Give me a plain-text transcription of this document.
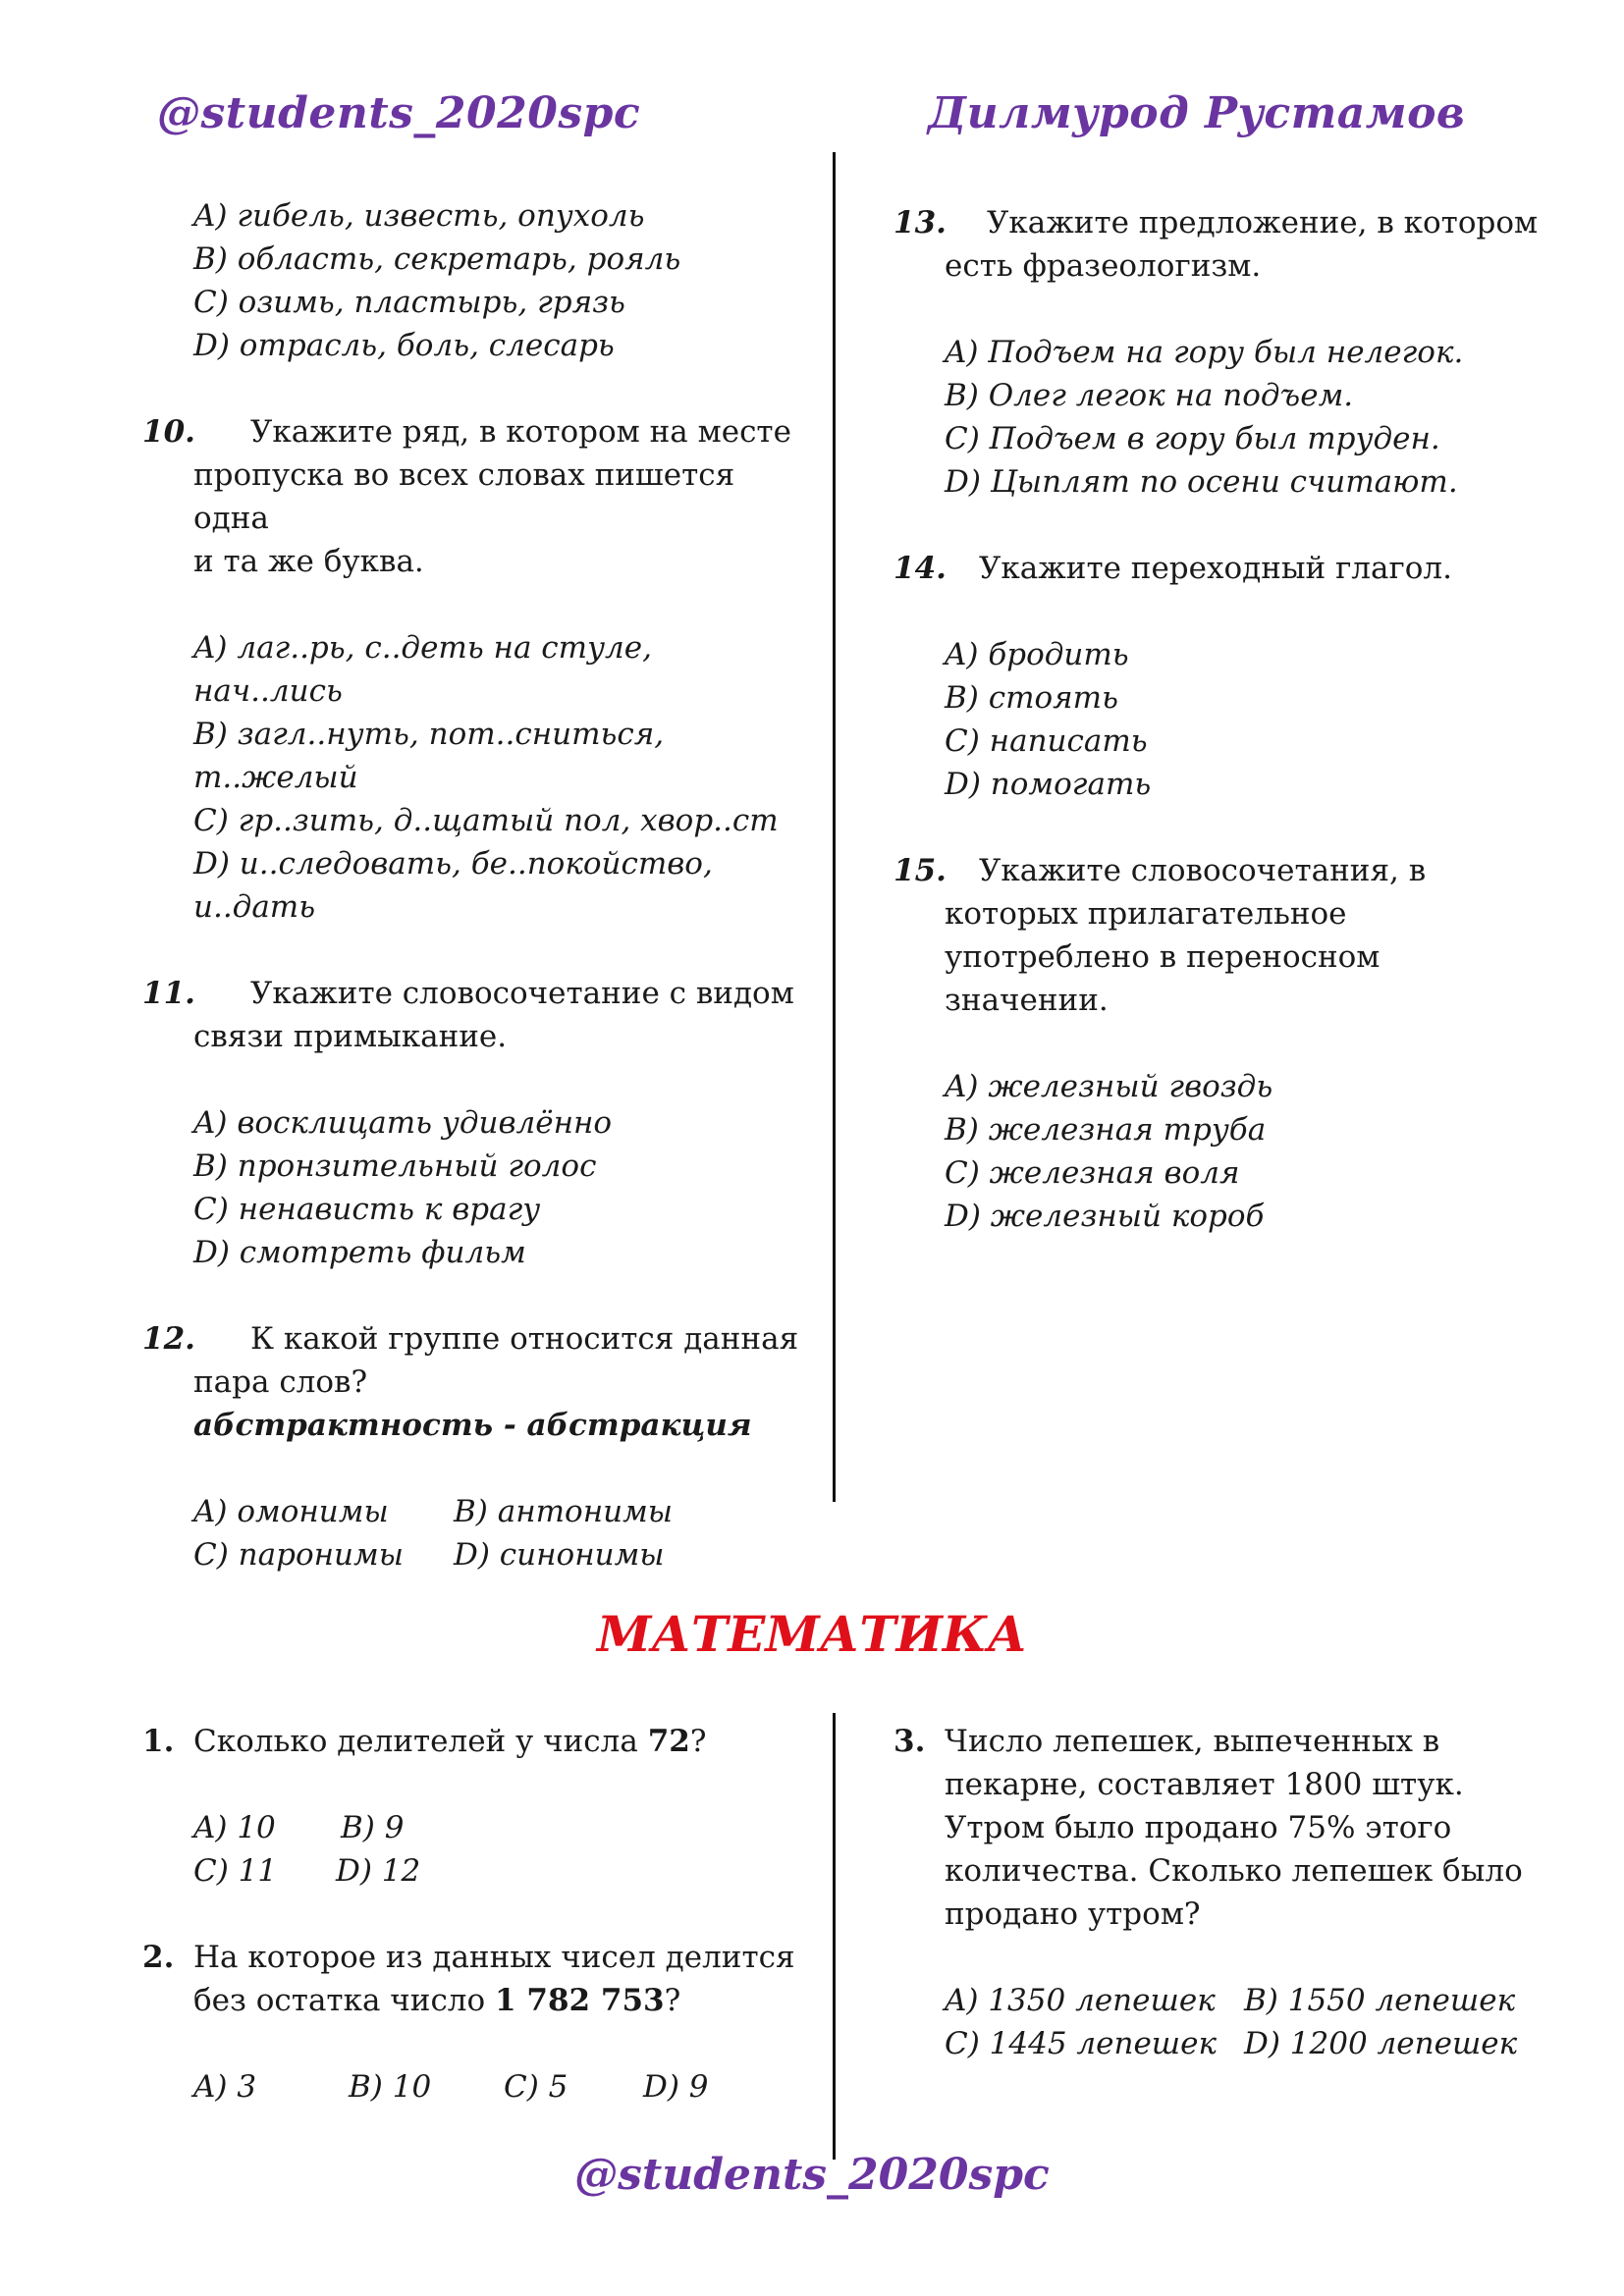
@students_2020spc	Дилмурод Рустамов
A) гибель, известь, опухоль
B) область, секретарь, рояль
C) озимь, пластырь, грязь
D) отрасль, боль, слесарь
10.	Укажите ряд, в котором на месте
пропуска во всех словах пишется одна
и та же буква.
A) лаг..рь, с..деть на стуле, нач..лись
B) загл..нуть, пот..сниться,
т..желый
C) гр..зить, д..щатый пол, хвор..ст
D) и..следовать, бе..покойство,
и..дать
11.	Укажите словосочетание с видом
связи примыкание.
A) восклицать удивлённо
B) пронзительный голос
C) ненависть к врагу
D) смотреть фильм
12.	К какой группе относится данная
пара слов?
абстрактность - абстракция
A) омонимы	B) антонимы
C) паронимы	D) синонимы
13.	Укажите предложение, в котором
есть фразеологизм.
A) Подъем на гору был нелегок.
B) Олег легок на подъем.
C) Подъем в гору был труден.
D) Цыплят по осени считают.
14.	Укажите переходный глагол.
A) бродить
B) стоять
C) написать
D) помогать
15.	Укажите словосочетания, в
которых прилагательное
употреблено в переносном
значении.
A) железный гвоздь
B) железная труба
C) железная воля
D) железный короб
МАТЕМАТИКА
1. Сколько делителей у числа 72?
A) 10	B) 9
C) 11	D) 12
2. На которое из данных чисел делится
без остатка число 1 782 753?
A) 3	B) 10	C) 5	D) 9
3. Число лепешек, выпеченных в
пекарне, составляет 1800 штук.
Утром было продано 75% этого
количества. Сколько лепешек было
продано утром?
A) 1350 лепешек B) 1550 лепешек
C) 1445 лепешек D) 1200 лепешек
@students_2020spc
